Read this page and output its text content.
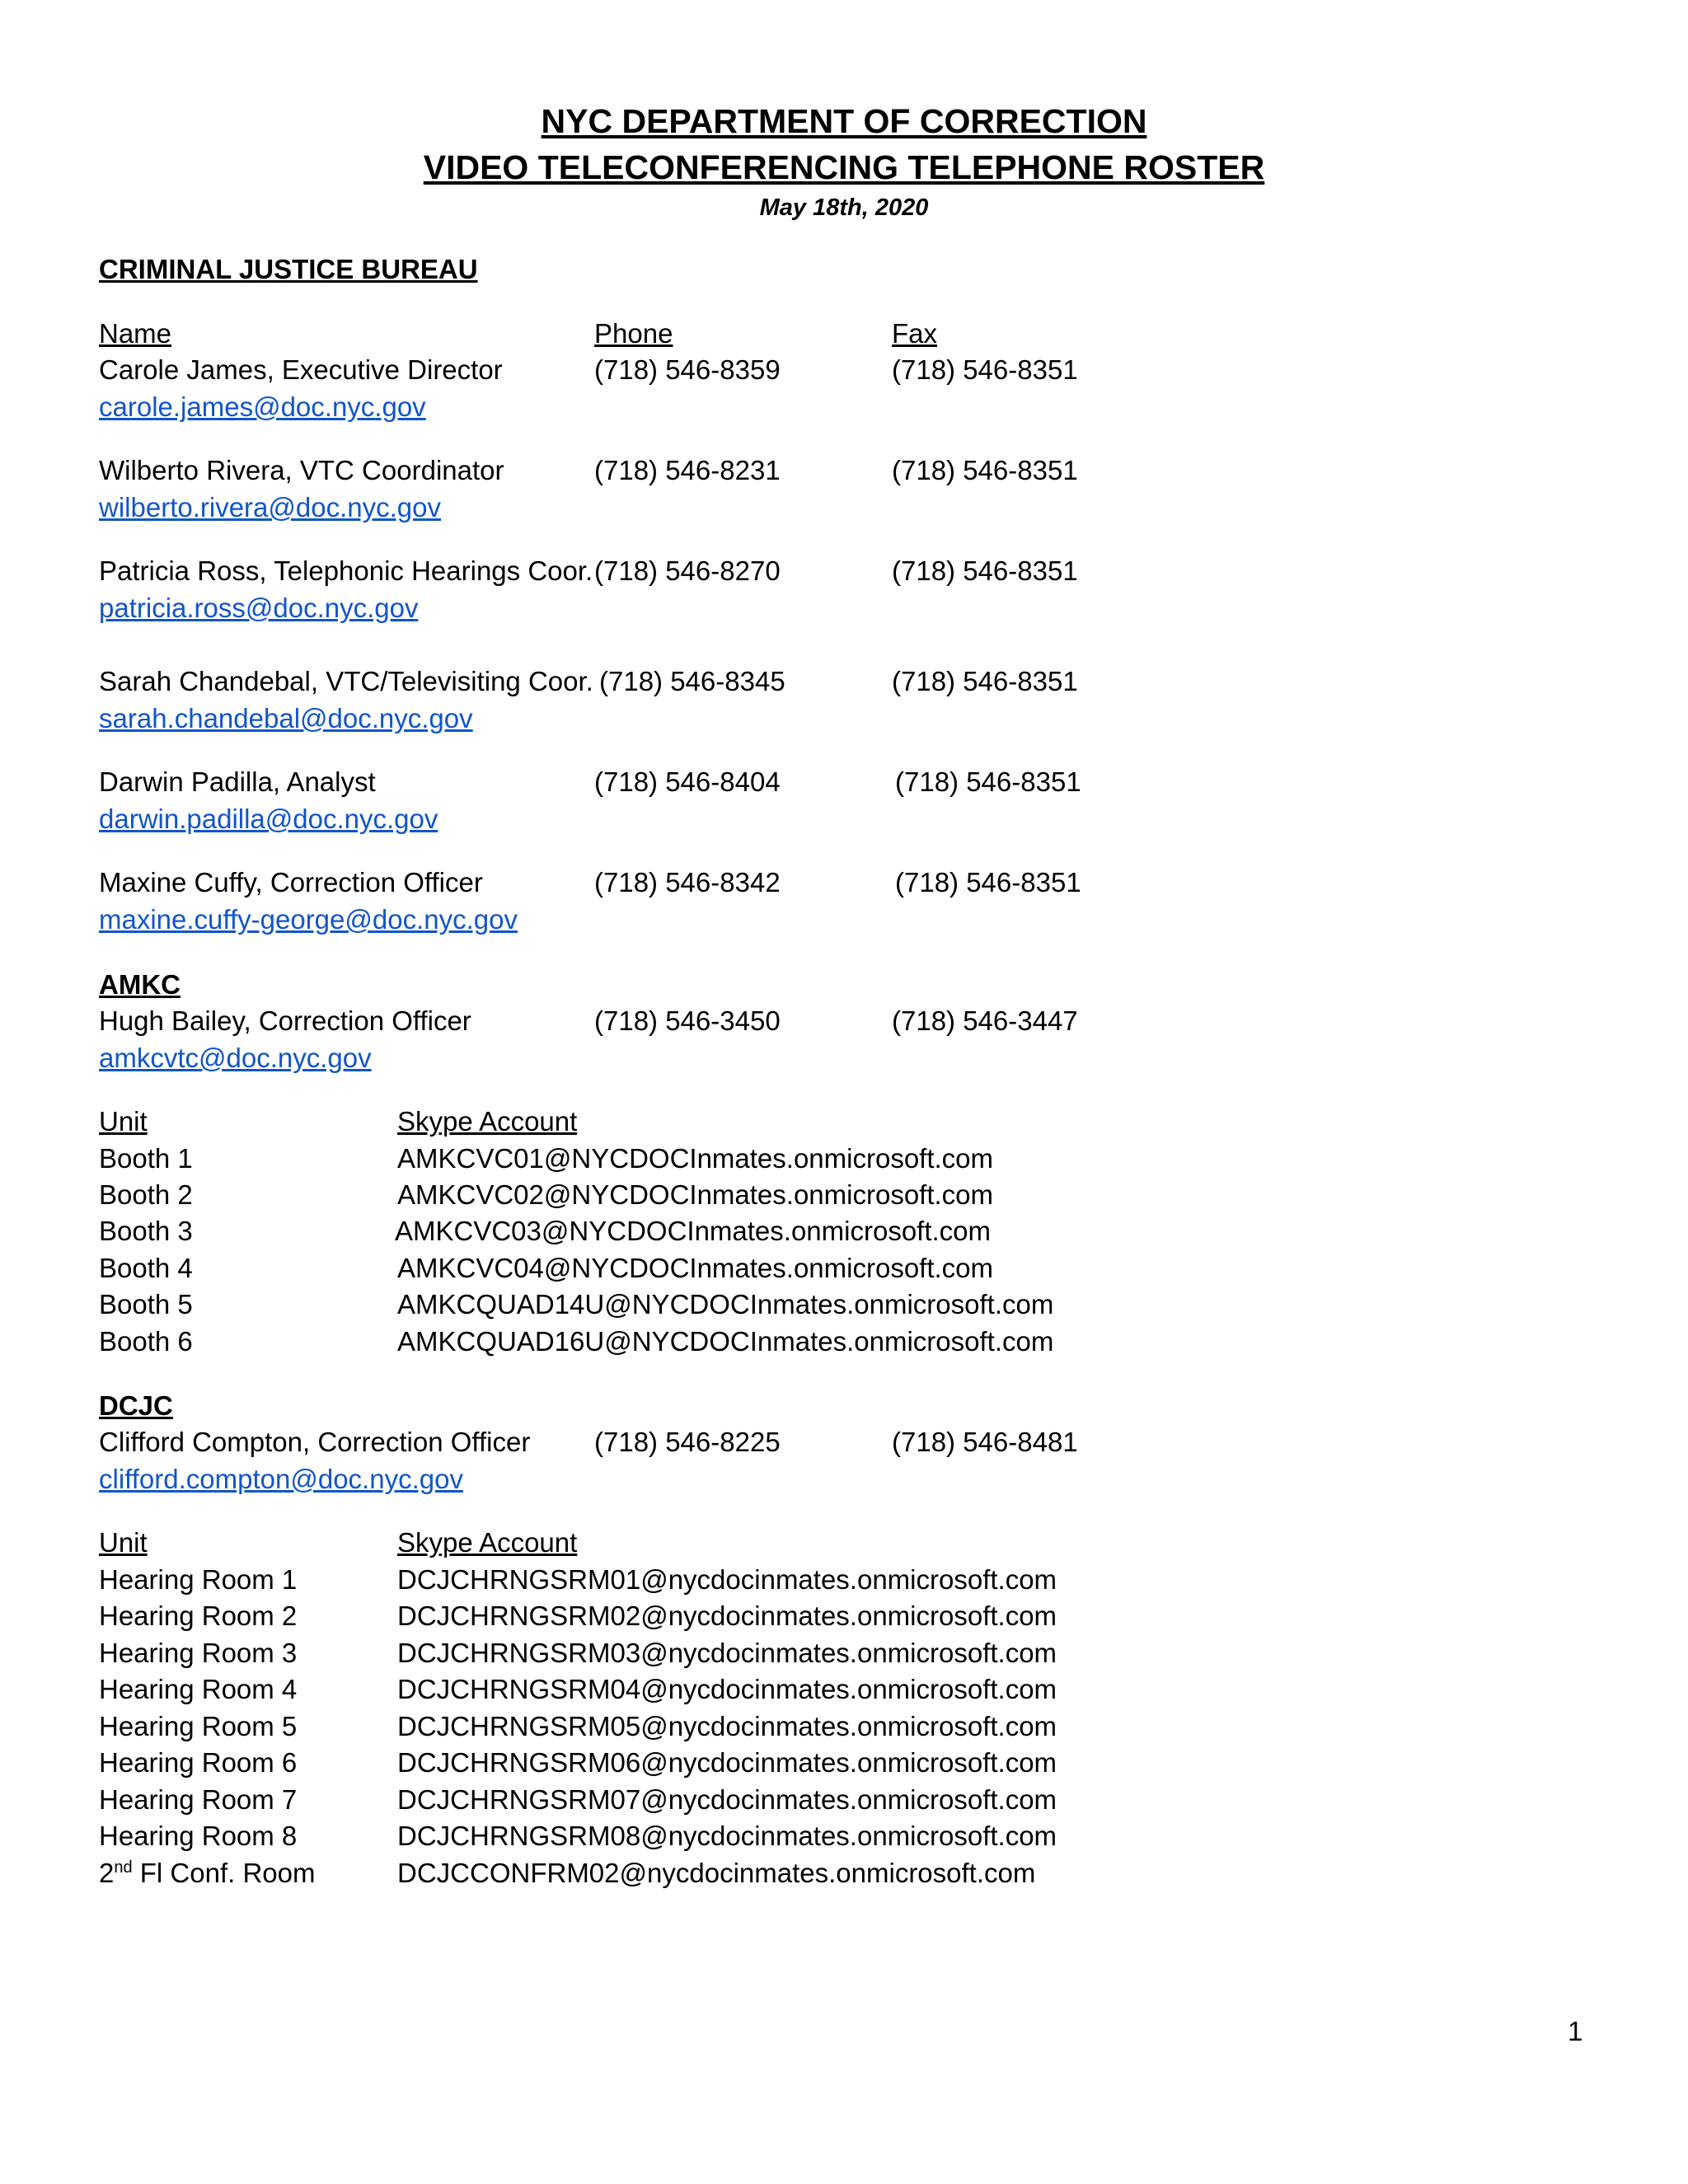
NYC DEPARTMENT OF CORRECTION
VIDEO TELECONFERENCING TELEPHONE ROSTER
May 18th, 2020
CRIMINAL JUSTICE BUREAU
Name	Phone	Fax
Carole James, Executive Director	(718) 546-8359	(718) 546-8351
carole.james@doc.nyc.gov
Wilberto Rivera, VTC Coordinator	(718) 546-8231	(718) 546-8351
wilberto.rivera@doc.nyc.gov
Patricia Ross, Telephonic Hearings Coor. (718) 546-8270	(718) 546-8351
patricia.ross@doc.nyc.gov
Sarah Chandebal, VTC/Televisiting Coor. (718) 546-8345	(718) 546-8351
sarah.chandebal@doc.nyc.gov
Darwin Padilla, Analyst	(718) 546-8404	(718) 546-8351
darwin.padilla@doc.nyc.gov
Maxine Cuffy, Correction Officer	(718) 546-8342	(718) 546-8351
maxine.cuffy-george@doc.nyc.gov
AMKC
Hugh Bailey, Correction Officer	(718) 546-3450	(718) 546-3447
amkcvtc@doc.nyc.gov
Unit	Skype Account
Booth 1	AMKCVC01@NYCDOCInmates.onmicrosoft.com
Booth 2	AMKCVC02@NYCDOCInmates.onmicrosoft.com
Booth 3	AMKCVC03@NYCDOCInmates.onmicrosoft.com
Booth 4	AMKCVC04@NYCDOCInmates.onmicrosoft.com
Booth 5	AMKCQUAD14U@NYCDOCInmates.onmicrosoft.com
Booth 6	AMKCQUAD16U@NYCDOCInmates.onmicrosoft.com
DCJC
Clifford Compton, Correction Officer (718) 546-8225	(718) 546-8481
clifford.compton@doc.nyc.gov
Unit	Skype Account
Hearing Room 1	DCJCHRNGSRM01@nycdocinmates.onmicrosoft.com
Hearing Room 2	DCJCHRNGSRM02@nycdocinmates.onmicrosoft.com
Hearing Room 3	DCJCHRNGSRM03@nycdocinmates.onmicrosoft.com
Hearing Room 4	DCJCHRNGSRM04@nycdocinmates.onmicrosoft.com
Hearing Room 5	DCJCHRNGSRM05@nycdocinmates.onmicrosoft.com
Hearing Room 6	DCJCHRNGSRM06@nycdocinmates.onmicrosoft.com
Hearing Room 7	DCJCHRNGSRM07@nycdocinmates.onmicrosoft.com
Hearing Room 8	DCJCHRNGSRM08@nycdocinmates.onmicrosoft.com
2nd Fl Conf. Room	DCJCCONFRM02@nycdocinmates.onmicrosoft.com
1
